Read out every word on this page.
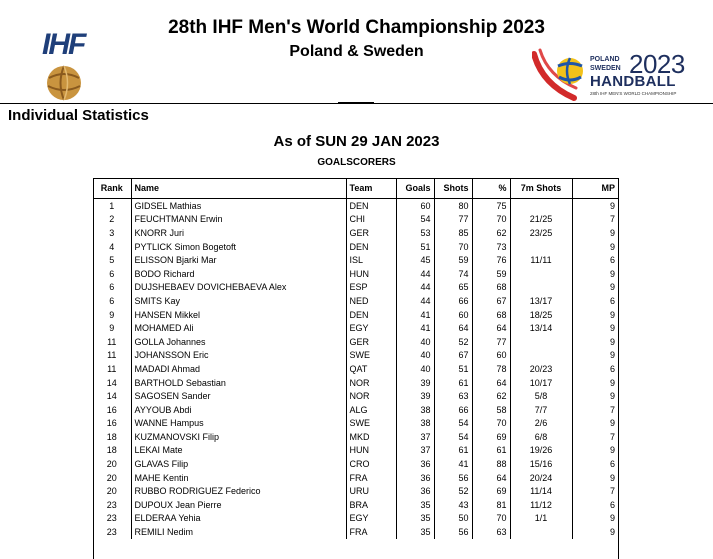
IHF
28th IHF Men's World Championship 2023
Poland & Sweden	POLAND
SWEDEN 2023
HANDBALL
28th IHF MEN'S WORLD CHAMPIONSHIP
Individual Statistics
As of SUN 29 JAN 2023
GOALSCORERS
Rank	Name	Team	Goals	Shots	%	7m Shots	MP
1	GIDSEL Mathias	DEN	60	80	75		9
2	FEUCHTMANN Erwin	CHI	54	77	70	21/25	7
3	KNORR Juri	GER	53	85	62	23/25	9
4	PYTLICK Simon Bogetoft	DEN	51	70	73		9
5	ELISSON Bjarki Mar	ISL	45	59	76	11/11	6
6	BODO Richard	HUN	44	74	59		9
6	DUJSHEBAEV DOVICHEBAEVA Alex	ESP	44	65	68		9
6	SMITS Kay	NED	44	66	67	13/17	6
9	HANSEN Mikkel	DEN	41	60	68	18/25	9
9	MOHAMED Ali	EGY	41	64	64	13/14	9
11	GOLLA Johannes	GER	40	52	77		9
11	JOHANSSON Eric	SWE	40	67	60		9
11	MADADI Ahmad	QAT	40	51	78	20/23	6
14	BARTHOLD Sebastian	NOR	39	61	64	10/17	9
14	SAGOSEN Sander	NOR	39	63	62	5/8	9
16	AYYOUB Abdi	ALG	38	66	58	7/7	7
16	WANNE Hampus	SWE	38	54	70	2/6	9
18	KUZMANOVSKI Filip	MKD	37	54	69	6/8	7
18	LEKAI Mate	HUN	37	61	61	19/26	9
20	GLAVAS Filip	CRO	36	41	88	15/16	6
20	MAHE Kentin	FRA	36	56	64	20/24	9
20	RUBBO RODRIGUEZ Federico	URU	36	52	69	11/14	7
23	DUPOUX Jean Pierre	BRA	35	43	81	11/12	6
23	ELDERAA Yehia	EGY	35	50	70	1/1	9
23	REMILI Nedim	FRA	35	56	63		9
